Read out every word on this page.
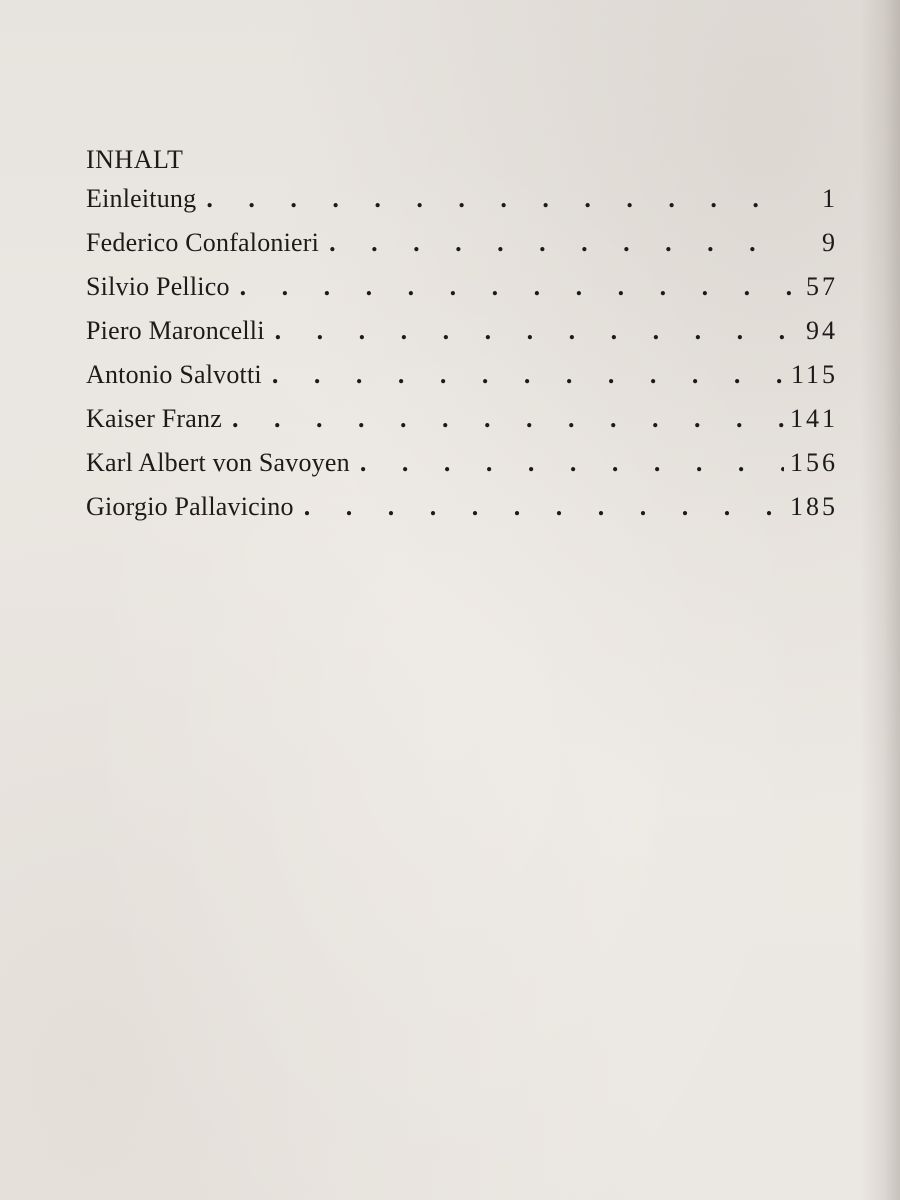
INHALT
Einleitung . . .	1
Federico Confalonieri . . .	9
Silvio Pellico . . .	57
Piero Maroncelli . . .	94
Antonio Salvotti . . .	115
Kaiser Franz . . .	141
Karl Albert von Savoyen . . .	156
Giorgio Pallavicino . . .	185
